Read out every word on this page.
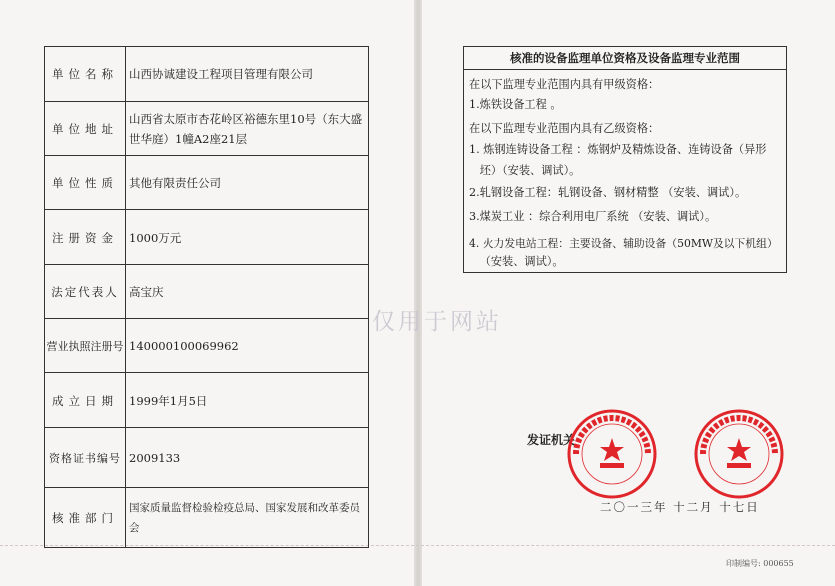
单位名称 山西协诚建设工程项目管理有限公司
单位地址
山西省太原市杏花岭区裕德东里10号（东大盛世华庭）1幢A2座21层
单位性质 其他有限责任公司
注册资金 1000万元
法定代表人 高宝庆
营业执照注册号 140000100069962
成立日期 1999年1月5日
资格证书编号 2009133
核准部门
国家质量监督检验检疫总局、国家发展和改革委员会
核准的设备监理单位资格及设备监理专业范围
在以下监理专业范围内具有甲级资格：
1.炼铁设备工程 。
在以下监理专业范围内具有乙级资格：
1. 炼钢连铸设备工程 ：炼钢炉及精炼设备、连铸设备（异形
坯）（安装、调试）。
2.轧钢设备工程：轧钢设备、钢材精整 （安装、调试）。
3.煤炭工业 ：综合利用电厂系统 （安装、调试）。
4. 火力发电站工程：主要设备、辅助设备（50MW及以下机组）
（安装、调试）。
仅用于网站
发证机关
二〇一三年 十二月 十七日
印制编号: 000655
